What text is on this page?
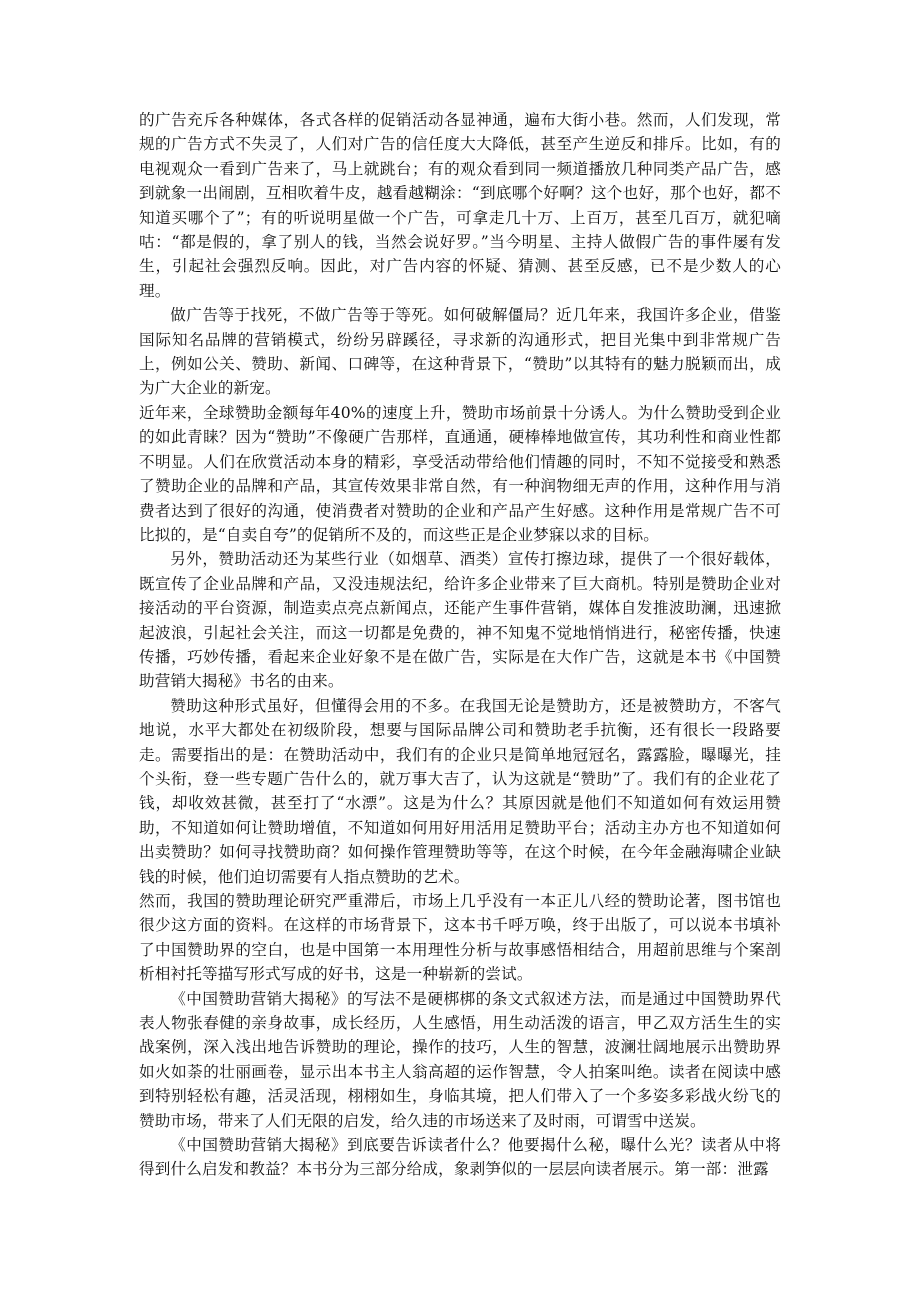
的广告充斥各种媒体，各式各样的促销活动各显神通，遍布大街小巷。然而，人们发现，常规的广告方式不失灵了，人们对广告的信任度大大降低，甚至产生逆反和排斥。比如，有的电视观众一看到广告来了，马上就跳台；有的观众看到同一频道播放几种同类产品广告，感到就象一出闹剧，互相吹着牛皮，越看越糊涂：“到底哪个好啊？这个也好，那个也好，都不知道买哪个了”；有的听说明星做一个广告，可拿走几十万、上百万，甚至几百万，就犯嘀咕：“都是假的，拿了别人的钱，当然会说好罗。”当今明星、主持人做假广告的事件屡有发生，引起社会强烈反响。因此，对广告内容的怀疑、猜测、甚至反感，已不是少数人的心理。

做广告等于找死，不做广告等于等死。如何破解僵局？近几年来，我国许多企业，借鉴国际知名品牌的营销模式，纷纷另辟蹊径，寻求新的沟通形式，把目光集中到非常规广告上，例如公关、赞助、新闻、口碑等，在这种背景下，“赞助”以其特有的魅力脱颖而出，成为广大企业的新宠。

近年来，全球赞助金额每年40%的速度上升，赞助市场前景十分诱人。为什么赞助受到企业的如此青睐？因为“赞助”不像硬广告那样，直通通，硬棒棒地做宣传，其功利性和商业性都不明显。人们在欣赏活动本身的精彩，享受活动带给他们情趣的同时，不知不觉接受和熟悉了赞助企业的品牌和产品，其宣传效果非常自然，有一种润物细无声的作用，这种作用与消费者达到了很好的沟通，使消费者对赞助的企业和产品产生好感。这种作用是常规广告不可比拟的，是“自卖自夸”的促销所不及的，而这些正是企业梦寐以求的目标。

另外，赞助活动还为某些行业（如烟草、酒类）宣传打擦边球，提供了一个很好载体，既宣传了企业品牌和产品，又没违规法纪，给许多企业带来了巨大商机。特别是赞助企业对接活动的平台资源，制造卖点亮点新闻点，还能产生事件营销，媒体自发推波助澜，迅速掀起波浪，引起社会关注，而这一切都是免费的，神不知鬼不觉地悄悄进行，秘密传播，快速传播，巧妙传播，看起来企业好象不是在做广告，实际是在大作广告，这就是本书《中国赞助营销大揭秘》书名的由来。

赞助这种形式虽好，但懂得会用的不多。在我国无论是赞助方，还是被赞助方，不客气地说，水平大都处在初级阶段，想要与国际品牌公司和赞助老手抗衡，还有很长一段路要走。需要指出的是：在赞助活动中，我们有的企业只是简单地冠冠名，露露脸，曝曝光，挂个头衔，登一些专题广告什么的，就万事大吉了，认为这就是“赞助”了。我们有的企业花了钱，却收效甚微，甚至打了“水漂”。这是为什么？其原因就是他们不知道如何有效运用赞助，不知道如何让赞助增值，不知道如何用好用活用足赞助平台；活动主办方也不知道如何出卖赞助？如何寻找赞助商？如何操作管理赞助等等，在这个时候，在今年金融海啸企业缺钱的时候，他们迫切需要有人指点赞助的艺术。

然而，我国的赞助理论研究严重滞后，市场上几乎没有一本正儿八经的赞助论著，图书馆也很少这方面的资料。在这样的市场背景下，这本书千呼万唤，终于出版了，可以说本书填补了中国赞助界的空白，也是中国第一本用理性分析与故事感悟相结合，用超前思维与个案剖析相衬托等描写形式写成的好书，这是一种崭新的尝试。

《中国赞助营销大揭秘》的写法不是硬梆梆的条文式叙述方法，而是通过中国赞助界代表人物张春健的亲身故事，成长经历，人生感悟，用生动活泼的语言，甲乙双方活生生的实战案例，深入浅出地告诉赞助的理论，操作的技巧，人生的智慧，波澜壮阔地展示出赞助界如火如荼的壮丽画卷，显示出本书主人翁高超的运作智慧，令人拍案叫绝。读者在阅读中感到特别轻松有趣，活灵活现，栩栩如生，身临其境，把人们带入了一个多姿多彩战火纷飞的赞助市场，带来了人们无限的启发，给久违的市场送来了及时雨，可谓雪中送炭。

《中国赞助营销大揭秘》到底要告诉读者什么？他要揭什么秘，曝什么光？读者从中将得到什么启发和教益？本书分为三部分给成，象剥笋似的一层层向读者展示。第一部：泄露
